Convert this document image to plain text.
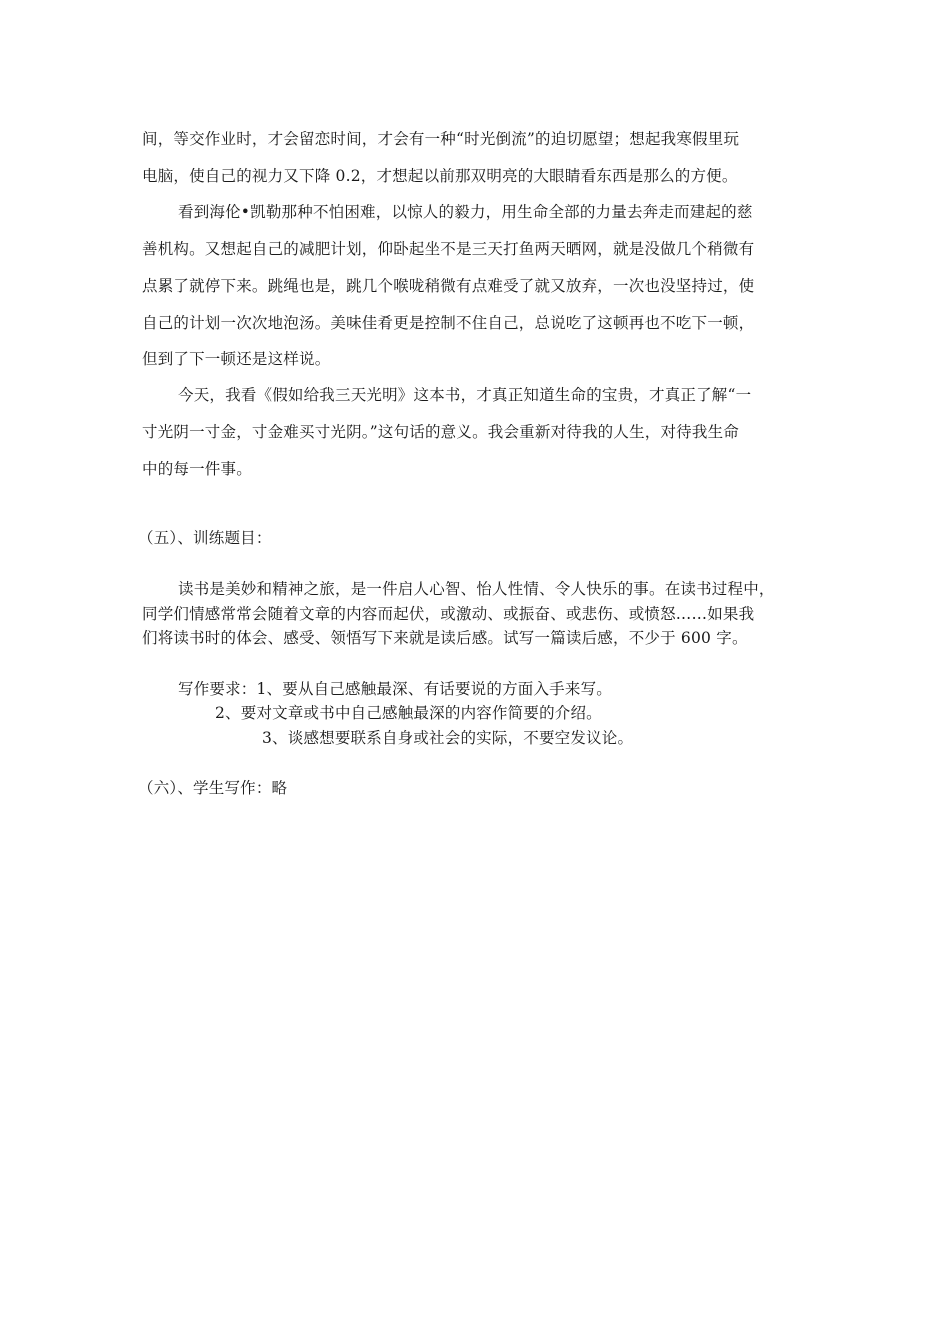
间，等交作业时，才会留恋时间，才会有一种“时光倒流”的迫切愿望；想起我寒假里玩
电脑，使自己的视力又下降 0.2，才想起以前那双明亮的大眼睛看东西是那么的方便。
看到海伦•凯勒那种不怕困难，以惊人的毅力，用生命全部的力量去奔走而建起的慈
善机构。又想起自己的减肥计划，仰卧起坐不是三天打鱼两天晒网，就是没做几个稍微有
点累了就停下来。跳绳也是，跳几个喉咙稍微有点难受了就又放弃，一次也没坚持过，使
自己的计划一次次地泡汤。美味佳肴更是控制不住自己，总说吃了这顿再也不吃下一顿，
但到了下一顿还是这样说。
今天，我看《假如给我三天光明》这本书，才真正知道生命的宝贵，才真正了解“一
寸光阴一寸金，寸金难买寸光阴。”这句话的意义。我会重新对待我的人生，对待我生命
中的每一件事。
（五）、训练题目：
读书是美妙和精神之旅，是一件启人心智、怡人性情、令人快乐的事。在读书过程中，
同学们情感常常会随着文章的内容而起伏，或激动、或振奋、或悲伤、或愤怒……如果我
们将读书时的体会、感受、领悟写下来就是读后感。试写一篇读后感，不少于 600 字。
写作要求：1、要从自己感触最深、有话要说的方面入手来写。
2、要对文章或书中自己感触最深的内容作简要的介绍。
3、谈感想要联系自身或社会的实际，不要空发议论。
（六）、学生写作：略
